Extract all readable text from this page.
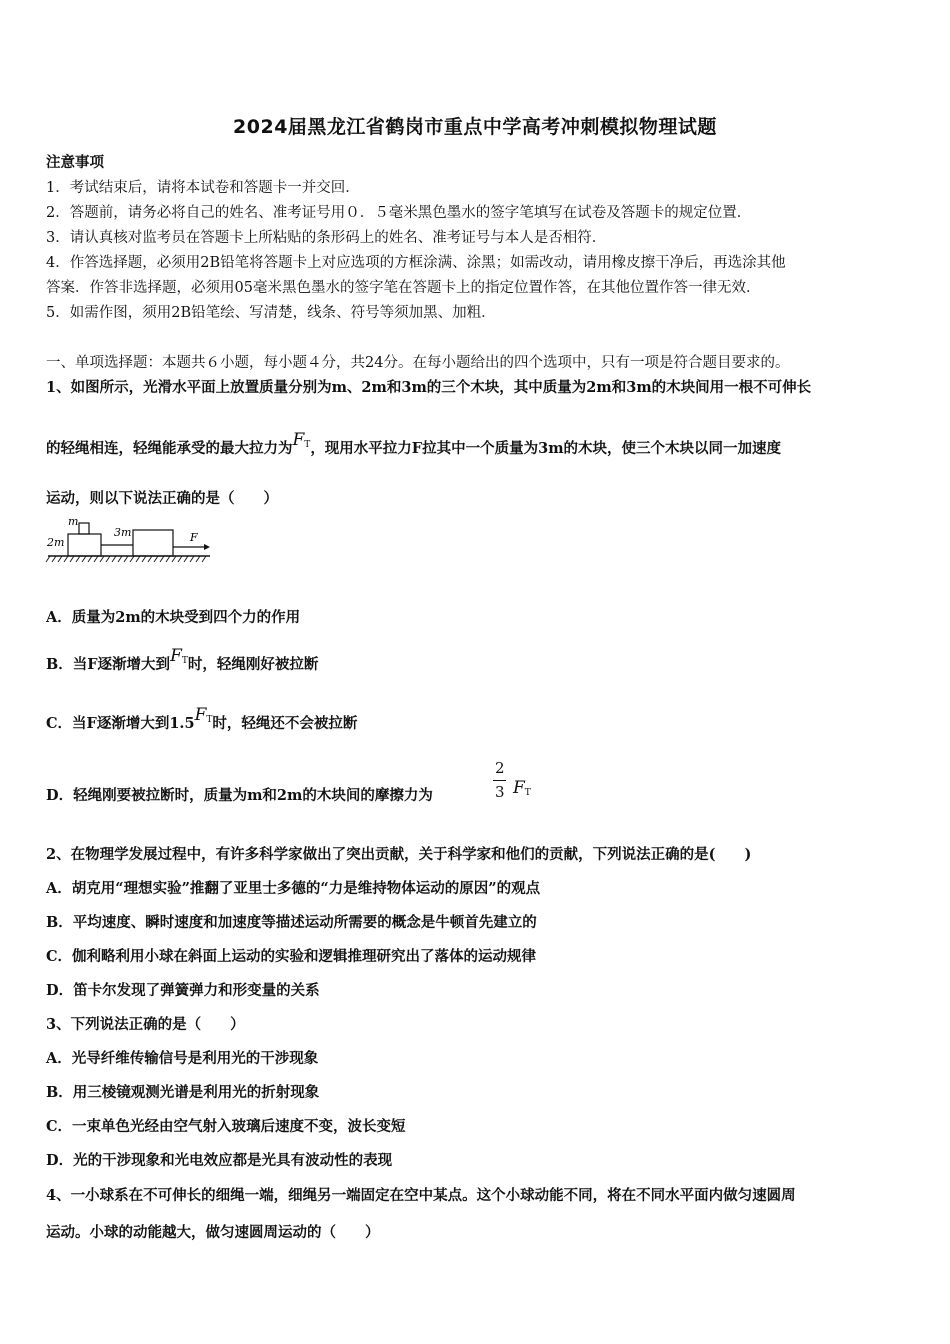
2024届黑龙江省鹤岗市重点中学高考冲刺模拟物理试题
注意事项
1．考试结束后，请将本试卷和答题卡一并交回．
2．答题前，请务必将自己的姓名、准考证号用０．５毫米黑色墨水的签字笔填写在试卷及答题卡的规定位置．
3．请认真核对监考员在答题卡上所粘贴的条形码上的姓名、准考证号与本人是否相符．
4．作答选择题，必须用2B铅笔将答题卡上对应选项的方框涂满、涂黑；如需改动，请用橡皮擦干净后，再选涂其他
答案．作答非选择题，必须用05毫米黑色墨水的签字笔在答题卡上的指定位置作答，在其他位置作答一律无效．
5．如需作图，须用2B铅笔绘、写清楚，线条、符号等须加黑、加粗．
一、单项选择题：本题共６小题，每小题４分，共24分。在每小题给出的四个选项中，只有一项是符合题目要求的。
1、如图所示，光滑水平面上放置质量分别为m、2m和3m的三个木块，其中质量为2m和3m的木块间用一根不可伸长
的轻绳相连，轻绳能承受的最大拉力为$F_T$，现用水平拉力F拉其中一个质量为3m的木块，使三个木块以同一加速度
运动，则以下说法正确的是（　　）
m
2m
3m	F
A．质量为2m的木块受到四个力的作用
B．当F逐渐增大到$F_T$时，轻绳刚好被拉断
C．当F逐渐增大到$1.5F_T$时，轻绳还不会被拉断
D．轻绳刚要被拉断时，质量为m和2m的木块间的摩擦力为
2
3 $F_T$
2、在物理学发展过程中，有许多科学家做出了突出贡献，关于科学家和他们的贡献，下列说法正确的是(　　)
A．胡克用“理想实验”推翻了亚里士多德的“力是维持物体运动的原因”的观点
B．平均速度、瞬时速度和加速度等描述运动所需要的概念是牛顿首先建立的
C．伽利略利用小球在斜面上运动的实验和逻辑推理研究出了落体的运动规律
D．笛卡尔发现了弹簧弹力和形变量的关系
3、下列说法正确的是（　　）
A．光导纤维传输信号是利用光的干涉现象
B．用三棱镜观测光谱是利用光的折射现象
C．一束单色光经由空气射入玻璃后速度不变，波长变短
D．光的干涉现象和光电效应都是光具有波动性的表现
4、一小球系在不可伸长的细绳一端，细绳另一端固定在空中某点。这个小球动能不同，将在不同水平面内做匀速圆周
运动。小球的动能越大，做匀速圆周运动的（　　）
